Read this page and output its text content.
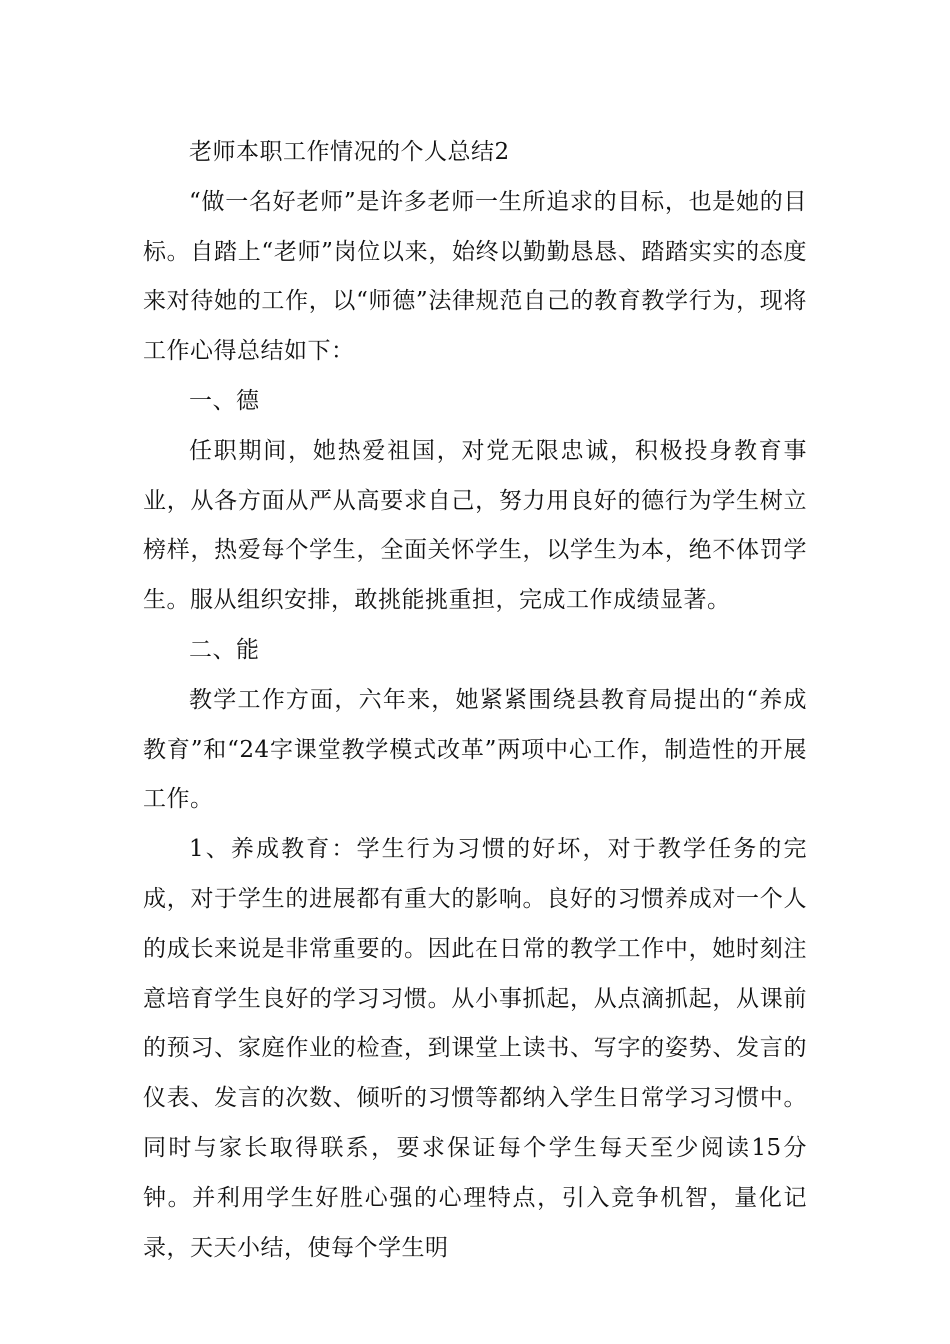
老师本职工作情况的个人总结2

“做一名好老师”是许多老师一生所追求的目标，也是她的目标。自踏上“老师”岗位以来，始终以勤勤恳恳、踏踏实实的态度来对待她的工作，以“师德”法律规范自己的教育教学行为，现将工作心得总结如下：

一、德

任职期间，她热爱祖国，对党无限忠诚，积极投身教育事业，从各方面从严从高要求自己，努力用良好的德行为学生树立榜样，热爱每个学生，全面关怀学生，以学生为本，绝不体罚学生。服从组织安排，敢挑能挑重担，完成工作成绩显著。

二、能

教学工作方面，六年来，她紧紧围绕县教育局提出的“养成教育”和“24字课堂教学模式改革”两项中心工作，制造性的开展工作。

1、养成教育：学生行为习惯的好坏，对于教学任务的完成，对于学生的进展都有重大的影响。良好的习惯养成对一个人的成长来说是非常重要的。因此在日常的教学工作中，她时刻注意培育学生良好的学习习惯。从小事抓起，从点滴抓起，从课前的预习、家庭作业的检查，到课堂上读书、写字的姿势、发言的仪表、发言的次数、倾听的习惯等都纳入学生日常学习习惯中。同时与家长取得联系，要求保证每个学生每天至少阅读15分钟。并利用学生好胜心强的心理特点，引入竞争机智，量化记录，天天小结，使每个学生明
